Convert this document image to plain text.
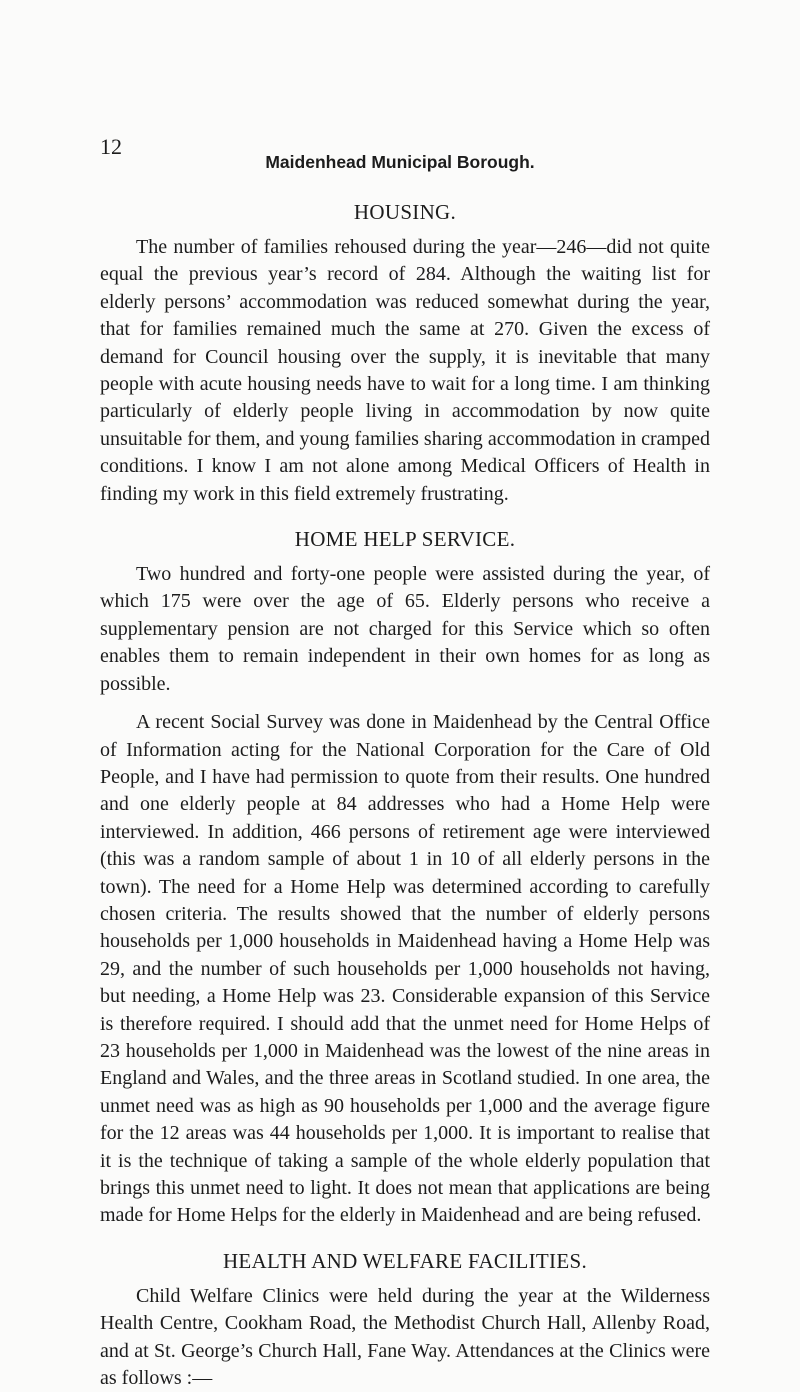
12
Maidenhead Municipal Borough.
HOUSING.

The number of families rehoused during the year—246—did not quite equal the previous year’s record of 284. Although the waiting list for elderly persons’ accommodation was reduced somewhat during the year, that for families remained much the same at 270. Given the excess of demand for Council housing over the supply, it is inevitable that many people with acute housing needs have to wait for a long time. I am thinking particularly of elderly people living in accommodation by now quite unsuitable for them, and young families sharing accommodation in cramped conditions. I know I am not alone among Medical Officers of Health in finding my work in this field extremely frustrating.

HOME HELP SERVICE.

Two hundred and forty-one people were assisted during the year, of which 175 were over the age of 65. Elderly persons who receive a supplementary pension are not charged for this Service which so often enables them to remain independent in their own homes for as long as possible.

A recent Social Survey was done in Maidenhead by the Central Office of Information acting for the National Corporation for the Care of Old People, and I have had permission to quote from their results. One hundred and one elderly people at 84 addresses who had a Home Help were interviewed. In addition, 466 persons of retirement age were interviewed (this was a random sample of about 1 in 10 of all elderly persons in the town). The need for a Home Help was determined according to carefully chosen criteria. The results showed that the number of elderly persons households per 1,000 households in Maidenhead having a Home Help was 29, and the number of such households per 1,000 households not having, but needing, a Home Help was 23. Considerable expansion of this Service is therefore required. I should add that the unmet need for Home Helps of 23 households per 1,000 in Maidenhead was the lowest of the nine areas in England and Wales, and the three areas in Scotland studied. In one area, the unmet need was as high as 90 households per 1,000 and the average figure for the 12 areas was 44 households per 1,000. It is important to realise that it is the technique of taking a sample of the whole elderly population that brings this unmet need to light. It does not mean that applications are being made for Home Helps for the elderly in Maidenhead and are being refused.

HEALTH AND WELFARE FACILITIES.

Child Welfare Clinics were held during the year at the Wilderness Health Centre, Cookham Road, the Methodist Church Hall, Allenby Road, and at St. George’s Church Hall, Fane Way. Attendances at the Clinics were as follows :—
